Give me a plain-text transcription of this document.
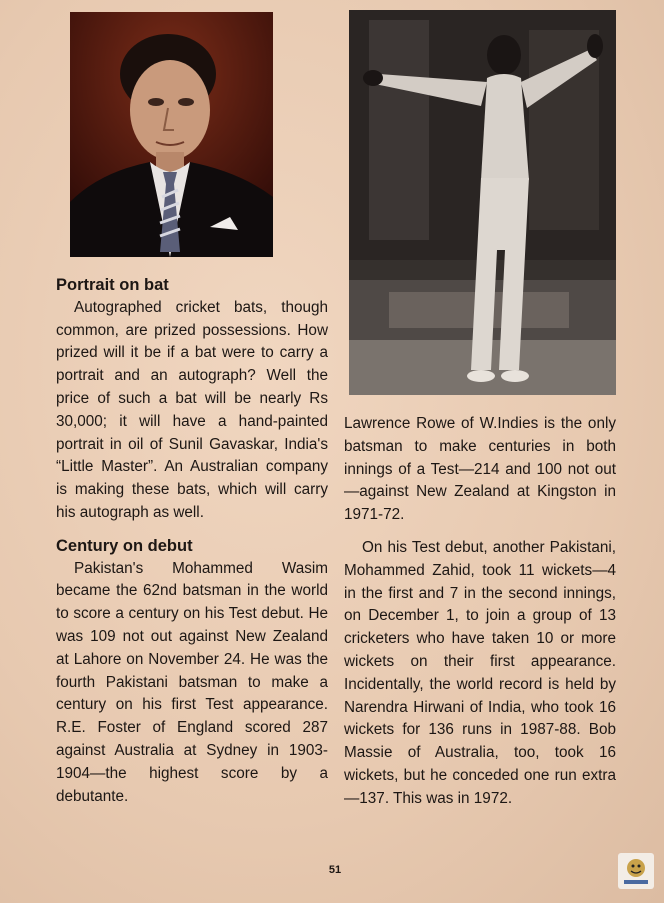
Portrait on bat

Autographed cricket bats, though common, are prized possessions. How prized will it be if a bat were to carry a portrait and an autograph? Well the price of such a bat will be nearly Rs 30,000; it will have a hand-painted portrait in oil of Sunil Gavaskar, India's “Little Master”. An Australian company is making these bats, which will carry his autograph as well.

Century on debut

Pakistan's Mohammed Wasim became the 62nd batsman in the world to score a century on his Test debut. He was 109 not out against New Zealand at Lahore on November 24. He was the fourth Pakistani batsman to make a century on his first Test appearance. R.E. Foster of England scored 287 against Australia at Sydney in 1903-1904—the highest score by a debutante.

Lawrence Rowe of W.Indies is the only batsman to make centuries in both innings of a Test—214 and 100 not out —against New Zealand at Kingston in 1971-72.

On his Test debut, another Pakistani, Mohammed Zahid, took 11 wickets—4 in the first and 7 in the second innings, on December 1, to join a group of 13 cricketers who have taken 10 or more wickets on their first appearance. Incidentally, the world record is held by Narendra Hirwani of India, who took 16 wickets for 136 runs in 1987-88. Bob Massie of Australia, too, took 16 wickets, but he conceded one run extra—137. This was in 1972.

51
